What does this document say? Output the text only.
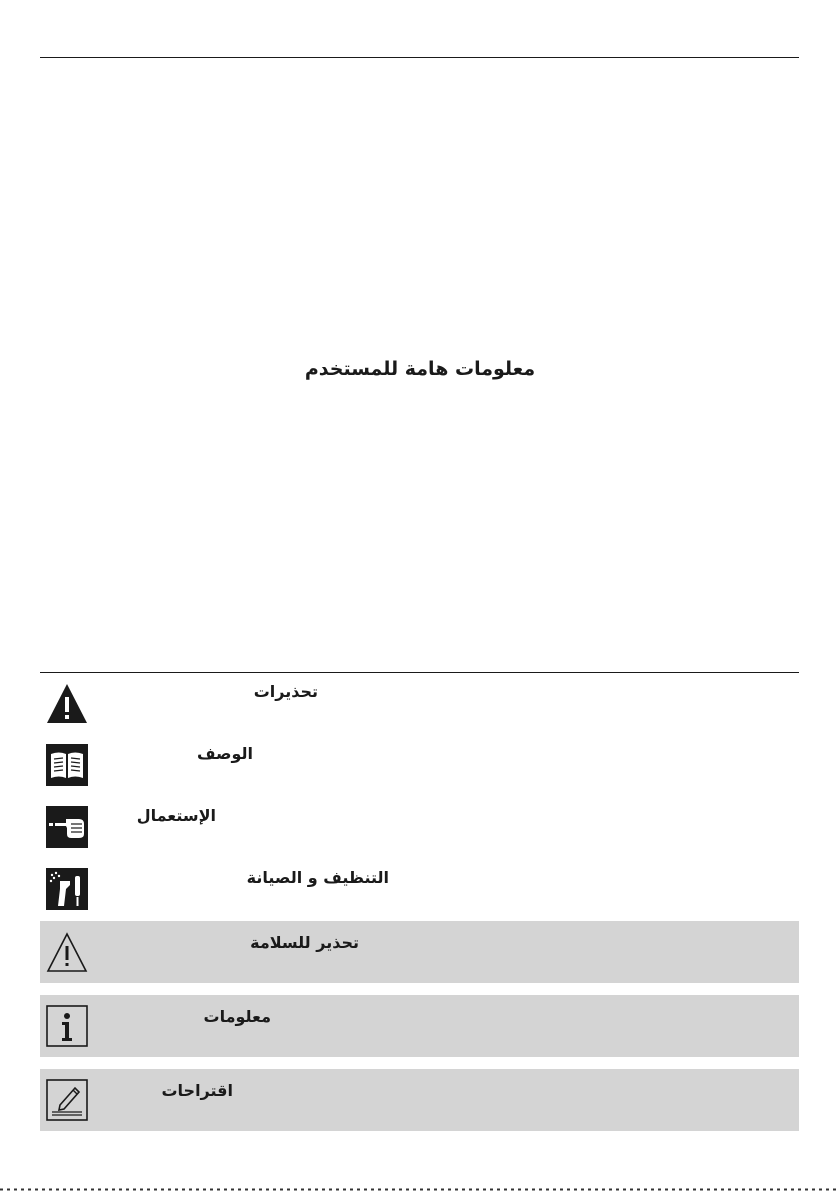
معلومات هامة للمستخدم
تحذيرات
الوصف
الإستعمال
التنظيف و الصيانة
تحذير للسلامة
معلومات
اقتراحات
